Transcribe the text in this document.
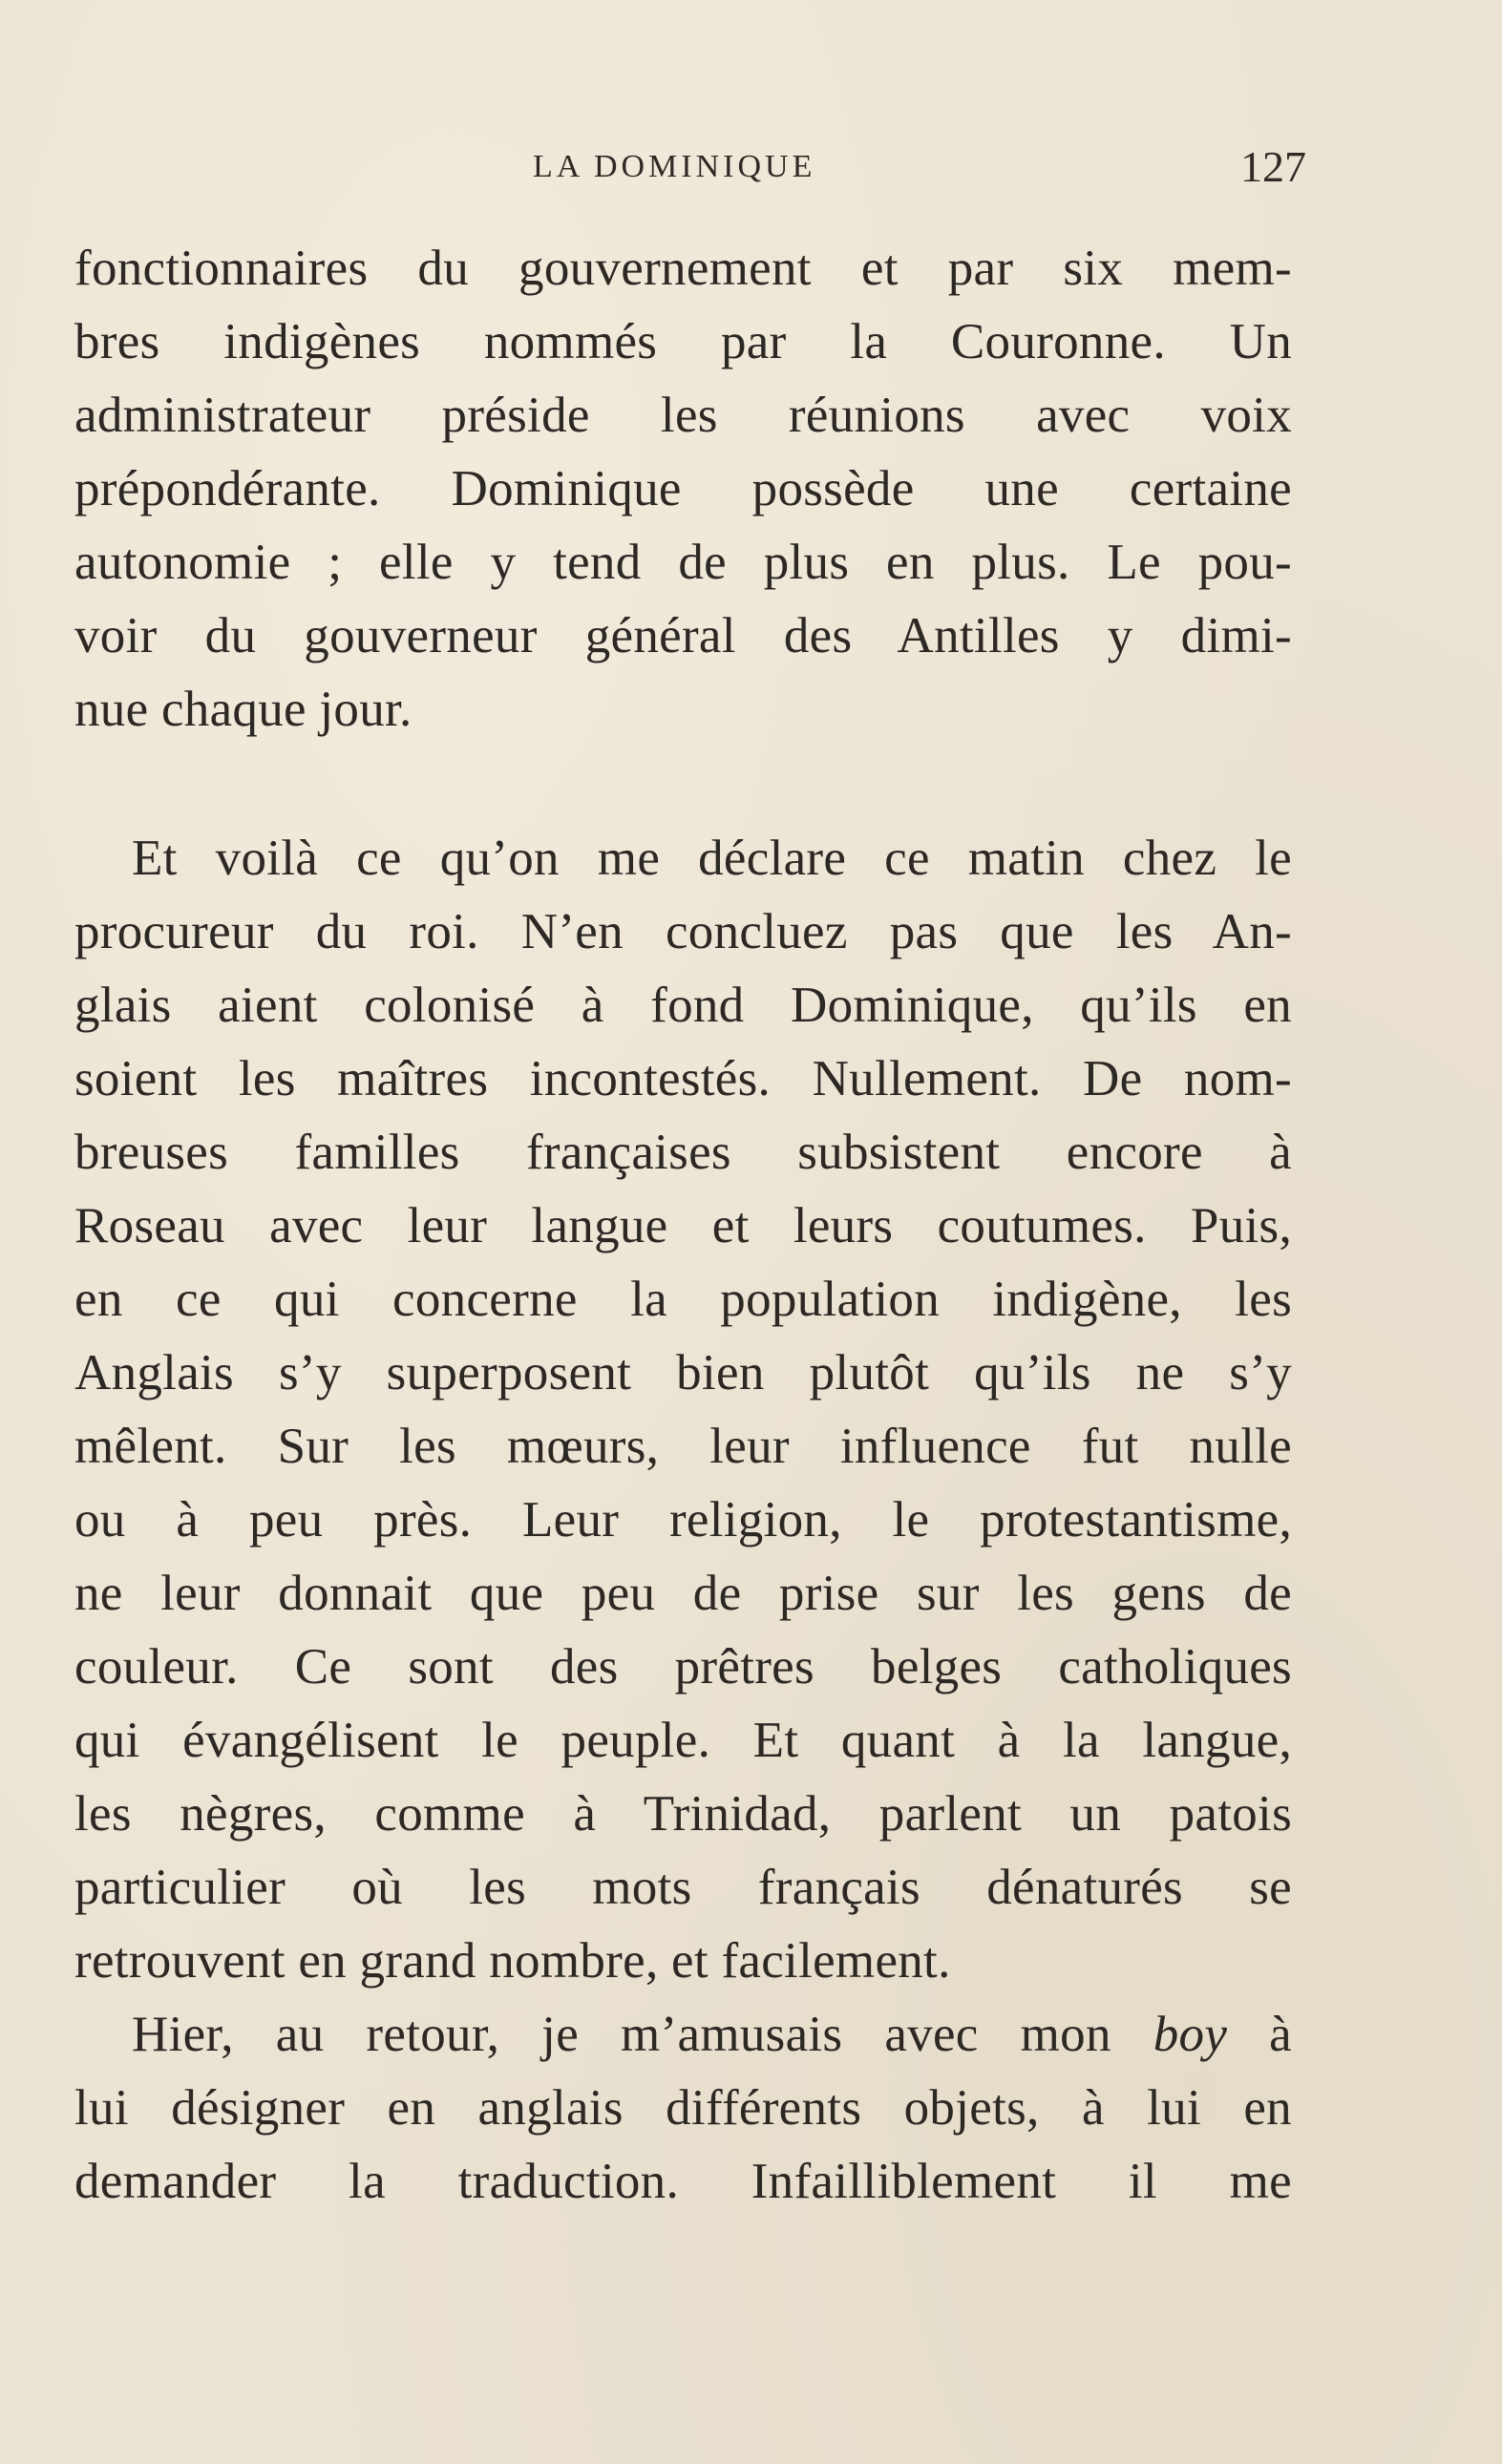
LA DOMINIQUE	127
fonctionnaires du gouvernement et par six mem-
bres indigènes nommés par la Couronne. Un
administrateur préside les réunions avec voix
prépondérante. Dominique possède une certaine
autonomie ; elle y tend de plus en plus. Le pou-
voir du gouverneur général des Antilles y dimi-
nue chaque jour.
Et voilà ce qu’on me déclare ce matin chez le
procureur du roi. N’en concluez pas que les An-
glais aient colonisé à fond Dominique, qu’ils en
soient les maîtres incontestés. Nullement. De nom-
breuses familles françaises subsistent encore à
Roseau avec leur langue et leurs coutumes. Puis,
en ce qui concerne la population indigène, les
Anglais s’y superposent bien plutôt qu’ils ne s’y
mêlent. Sur les mœurs, leur influence fut nulle
ou à peu près. Leur religion, le protestantisme,
ne leur donnait que peu de prise sur les gens de
couleur. Ce sont des prêtres belges catholiques
qui évangélisent le peuple. Et quant à la langue,
les nègres, comme à Trinidad, parlent un patois
particulier où les mots français dénaturés se
retrouvent en grand nombre, et facilement.
Hier, au retour, je m’amusais avec mon boy à
lui désigner en anglais différents objets, à lui en
demander la traduction. Infailliblement il me
